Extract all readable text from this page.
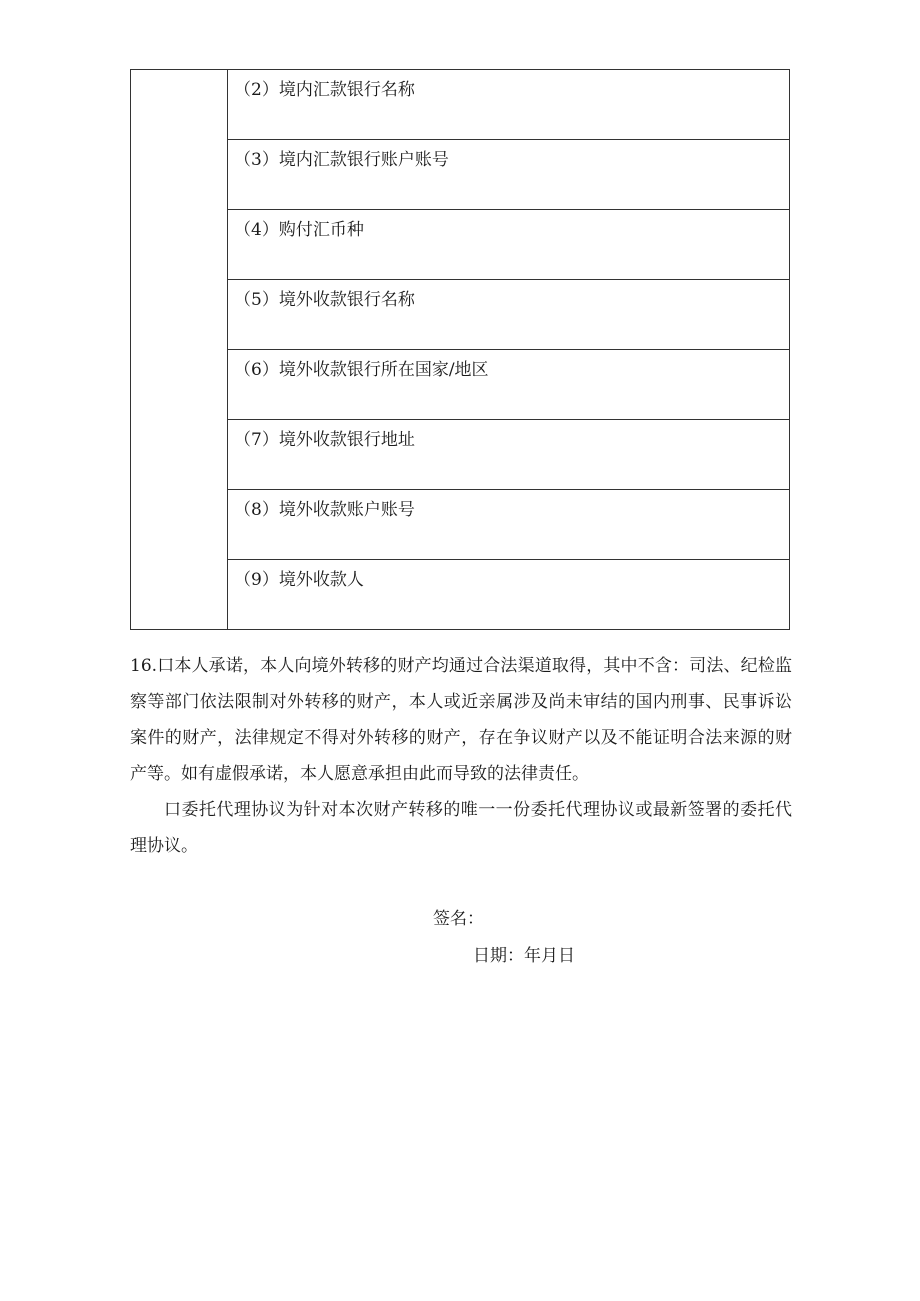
	（2）境内汇款银行名称
（3）境内汇款银行账户账号
（4）购付汇币种
（5）境外收款银行名称
（6）境外收款银行所在国家/地区
（7）境外收款银行地址
（8）境外收款账户账号
（9）境外收款人

16.口本人承诺，本人向境外转移的财产均通过合法渠道取得，其中不含：司法、纪检监察等部门依法限制对外转移的财产，本人或近亲属涉及尚未审结的国内刑事、民事诉讼案件的财产，法律规定不得对外转移的财产，存在争议财产以及不能证明合法来源的财产等。如有虚假承诺，本人愿意承担由此而导致的法律责任。

口委托代理协议为针对本次财产转移的唯一一份委托代理协议或最新签署的委托代理协议。

签名：
日期：年月日
